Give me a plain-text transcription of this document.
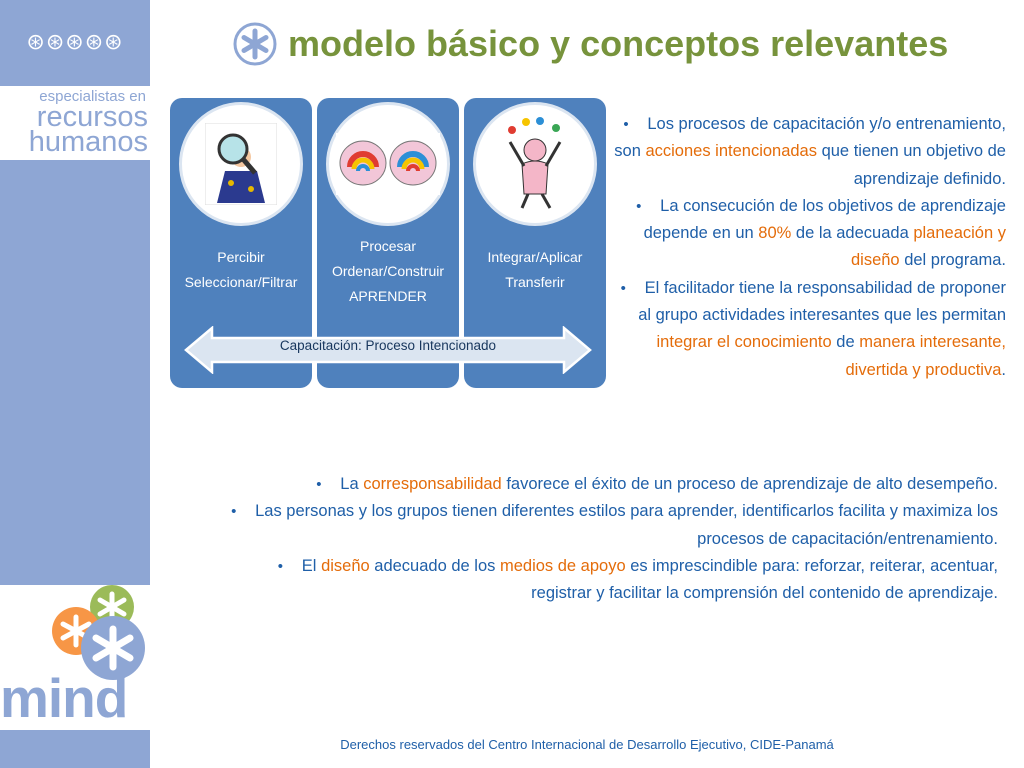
⊛⊛⊛⊛⊛
especialistas en
recursos
humanos
mind
modelo básico y conceptos relevantes
Percibir
Seleccionar/Filtrar
Procesar
Ordenar/Construir
APRENDER
Integrar/Aplicar
Transferir
Capacitación: Proceso Intencionado
• Los procesos de capacitación y/o entrenamiento, son acciones intencionadas que tienen un objetivo de aprendizaje definido.
• La consecución de los objetivos de aprendizaje depende en un 80% de la adecuada planeación y diseño del programa.
• El facilitador tiene la responsabilidad de proponer al grupo actividades interesantes que les permitan integrar el conocimiento de manera interesante, divertida y productiva.
• La corresponsabilidad favorece el éxito de un proceso de aprendizaje de alto desempeño.
• Las personas y los grupos tienen diferentes estilos para aprender, identificarlos facilita y maximiza los procesos de capacitación/entrenamiento.
• El diseño adecuado de los medios de apoyo es imprescindible para: reforzar, reiterar, acentuar, registrar y facilitar la comprensión del contenido de aprendizaje.
Derechos reservados del Centro Internacional de Desarrollo Ejecutivo, CIDE-Panamá
